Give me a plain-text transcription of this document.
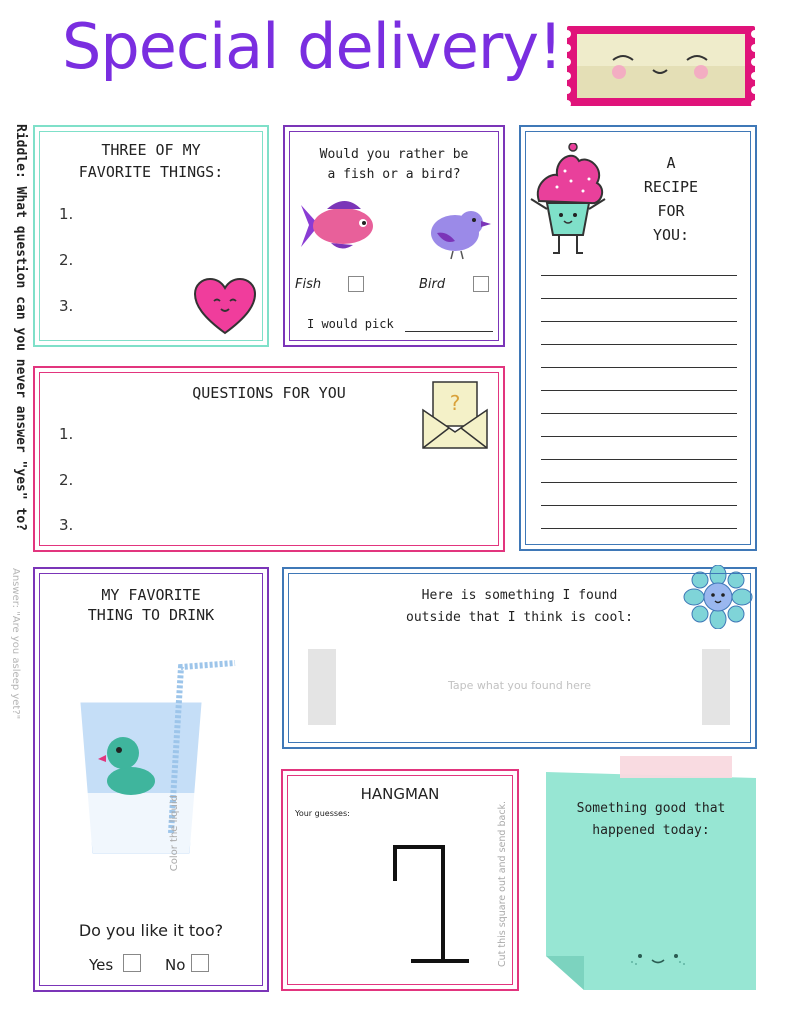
Special delivery!
Riddle: What question can you never answer "yes" to?
Answer: "Are you asleep yet?"
THREE OF MY
FAVORITE THINGS:
1.
2.
3.
Would you rather be
a fish or a bird?
Fish	Bird
I would pick
A
RECIPE
FOR
YOU:
QUESTIONS FOR YOU
1.
2.
3.
?
MY FAVORITE
THING TO DRINK
Color the liquid
Do you like it too?
Yes	No
Here is something I found
outside that I think is cool:
Tape what you found here
HANGMAN
Your guesses:	Cut this square out and send back.	Something good that
happened today:
